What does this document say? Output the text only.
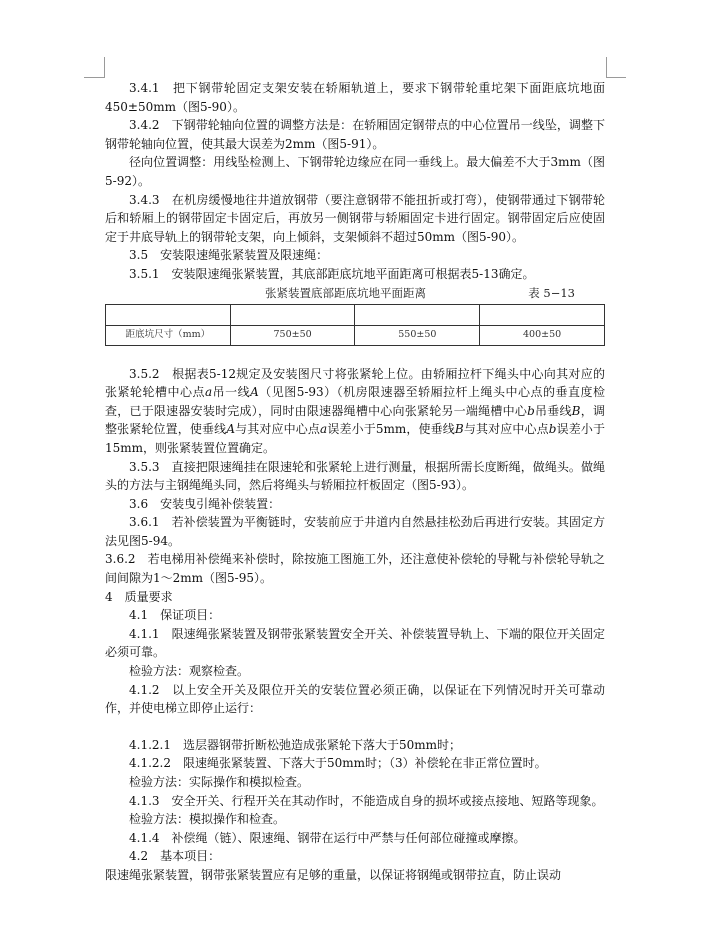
3.4.1　把下钢带轮固定支架安装在轿厢轨道上，要求下钢带轮重坨架下面距底坑地面450±50mm（图5-90）。

3.4.2　下钢带轮轴向位置的调整方法是：在轿厢固定钢带点的中心位置吊一线坠，调整下钢带轮轴向位置，使其最大误差为2mm（图5-91）。

径向位置调整：用线坠检测上、下钢带轮边缘应在同一垂线上。最大偏差不大于3mm（图5-92）。

3.4.3　在机房缓慢地往井道放钢带（要注意钢带不能扭折或打弯），使钢带通过下钢带轮后和轿厢上的钢带固定卡固定后，再放另一侧钢带与轿厢固定卡进行固定。钢带固定后应使固定于井底导轨上的钢带轮支架，向上倾斜，支架倾斜不超过50mm（图5-90）。

3.5　安装限速绳张紧装置及限速绳：

3.5.1　安装限速绳张紧装置，其底部距底坑地平面距离可根据表5-13确定。

张紧装置底部距底坑地平面距离	表 5−13

距底坑尺寸（mm）	750±50	550±50	400±50

3.5.2　根据表5-12规定及安装图尺寸将张紧轮上位。由轿厢拉杆下绳头中心向其对应的张紧轮轮槽中心点a吊一线A（见图5-93）（机房限速器至轿厢拉杆上绳头中心点的垂直度检查，已于限速器安装时完成），同时由限速器绳槽中心向张紧轮另一端绳槽中心b吊垂线B，调整张紧轮位置，使垂线A与其对应中心点a误差小于5mm，使垂线B与其对应中心点b误差小于15mm，则张紧装置位置确定。

3.5.3　直接把限速绳挂在限速轮和张紧轮上进行测量，根据所需长度断绳，做绳头。做绳头的方法与主钢绳绳头同，然后将绳头与轿厢拉杆板固定（图5-93）。

3.6　安装曳引绳补偿装置：

3.6.1　若补偿装置为平衡链时，安装前应于井道内自然悬挂松劲后再进行安装。其固定方法见图5-94。

3.6.2　若电梯用补偿绳来补偿时，除按施工图施工外，还注意使补偿轮的导靴与补偿轮导轨之间间隙为1～2mm（图5-95）。

4　质量要求

4.1　保证项目：

4.1.1　限速绳张紧装置及钢带张紧装置安全开关、补偿装置导轨上、下端的限位开关固定必须可靠。

检验方法：观察检查。

4.1.2　以上安全开关及限位开关的安装位置必须正确，以保证在下列情况时开关可靠动作，并使电梯立即停止运行：

4.1.2.1　选层器钢带折断松弛造成张紧轮下落大于50mm时；

4.1.2.2　限速绳张紧装置、下落大于50mm时；（3）补偿轮在非正常位置时。

检验方法：实际操作和模拟检查。

4.1.3　安全开关、行程开关在其动作时，不能造成自身的损坏或接点接地、短路等现象。

检验方法：模拟操作和检查。

4.1.4　补偿绳（链）、限速绳、钢带在运行中严禁与任何部位碰撞或摩擦。

4.2　基本项目：

限速绳张紧装置，钢带张紧装置应有足够的重量，以保证将钢绳或钢带拉直，防止误动
